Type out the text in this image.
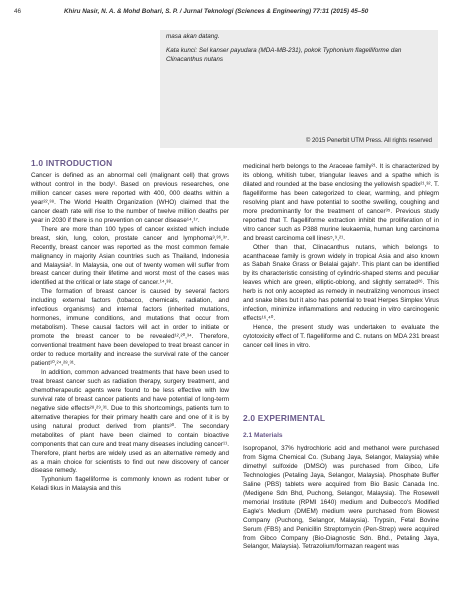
46	Khiru Nasir, N. A. & Mohd Bohari, S. P. / Jurnal Teknologi (Sciences & Engineering) 77:31 (2015) 45–50
masa akan datang.
Kata kunci: Sel kanser payudara (MDA-MB-231), pokok Typhonium flagelliforme dan Clinacanthus nutans
© 2015 Penerbit UTM Press. All rights reserved
1.0 INTRODUCTION

Cancer is defined as an abnormal cell (malignant cell) that grows without control in the body¹. Based on previous researches, one million cancer cases were reported with 400, 000 deaths within a year²²,³⁸. The World Health Organization (WHO) claimed that the cancer death rate will rise to the number of twelve million deaths per year in 2030 if there is no prevention on cancer disease¹⁴,¹⁷.

There are more than 100 types of cancer existed which include breast, skin, lung, colon, prostate cancer and lymphoma³,³⁶,³⁷. Recently, breast cancer was reported as the most common female malignancy in majority Asian countries such as Thailand, Indonesia and Malaysia². In Malaysia, one out of twenty women will suffer from breast cancer during their lifetime and worst most of the cases was identified at the critical or late stage of cancer.¹⁴,³⁸.

The formation of breast cancer is caused by several factors including external factors (tobacco, chemicals, radiation, and infectious organisms) and internal factors (inherited mutations, hormones, immune conditions, and mutations that occur from metabolism). These causal factors will act in order to initiate or promote the breast cancer to be revealed¹²,²⁰,³⁴. Therefore, conventional treatment have been developed to treat breast cancer in order to reduce mortality and increase the survival rate of the cancer patient¹⁰,²⁴,²⁸,³¹.

In addition, common advanced treatments that have been used to treat breast cancer such as radiation therapy, surgery treatment, and chemotherapeutic agents were found to be less effective with low survival rate of breast cancer patients and have potential of long-term negative side effects²⁸,²⁹,³¹. Due to this shortcomings, patients turn to alternative therapies for their primary health care and one of it is by using natural product derived from plants³⁰. The secondary metabolites of plant have been claimed to contain bioactive components that can cure and treat many diseases including cancer¹¹. Therefore, plant herbs are widely used as an alternative remedy and as a main choice for scientists to find out new discovery of cancer disease remedy.

Typhonium flagelliforme is commonly known as rodent tuber or Keladi tikus in Malaysia and this

medicinal herb belongs to the Araceae family²¹. It is characterized by its oblong, whitish tuber, triangular leaves and a spathe which is dilated and rounded at the base enclosing the yellowish spadix²¹,³². T. flagelliforme has been categorized to clear, warming, and phlegm resolving plant and have potential to soothe swelling, coughing and more predominantly for the treatment of cancer³⁵. Previous study reported that T. flagelliforme extraction inhibit the proliferation of in vitro cancer such as P388 murine leukaemia, human lung carcinoma and breast carcinoma cell lines⁵,⁹,²¹.

Other than that, Clinacanthus nutans, which belongs to acanthaceae family is grown widely in tropical Asia and also known as Sabah Snake Grass or Belalai gajah⁷. This plant can be identified by its characteristic consisting of cylindric-shaped stems and peculiar leaves which are green, elliptic-oblong, and slightly serrated²⁶. This herb is not only accepted as remedy in neutralizing venomous insect and snake bites but it also has potential to treat Herpes Simplex Virus infection, minimize inflammations and reducing in vitro carcinogenic effects¹⁶,⁴⁰.

Hence, the present study was undertaken to evaluate the cytotoxicity effect of T. flagelliforme and C. nutans on MDA 231 breast cancer cell lines in vitro.

2.0 EXPERIMENTAL
2.1 Materials

Isopropanol, 37% hydrochloric acid and methanol were purchased from Sigma Chemical Co. (Subang Jaya, Selangor, Malaysia) while dimethyl sulfoxide (DMSO) was purchased from Gibco, Life Technologies (Petaling Jaya, Selangor, Malaysia). Phosphate Buffer Saline (PBS) tablets were acquired from Bio Basic Canada Inc. (Medigene Sdn Bhd, Puchong, Selangor, Malaysia). The Rosewell memorial Institute (RPMI 1640) medium and Dulbecco's Modified Eagle's Medium (DMEM) medium were purchased from Biowest Company (Puchong, Selangor, Malaysia). Trypsin, Fetal Bovine Serum (FBS) and Penicillin Streptomycin (Pen-Strep) were acquired from Gibco Company (Bio-Diagnostic Sdn. Bhd., Petaling Jaya, Selangor, Malaysia). Tetrazolium/formazan reagent was
